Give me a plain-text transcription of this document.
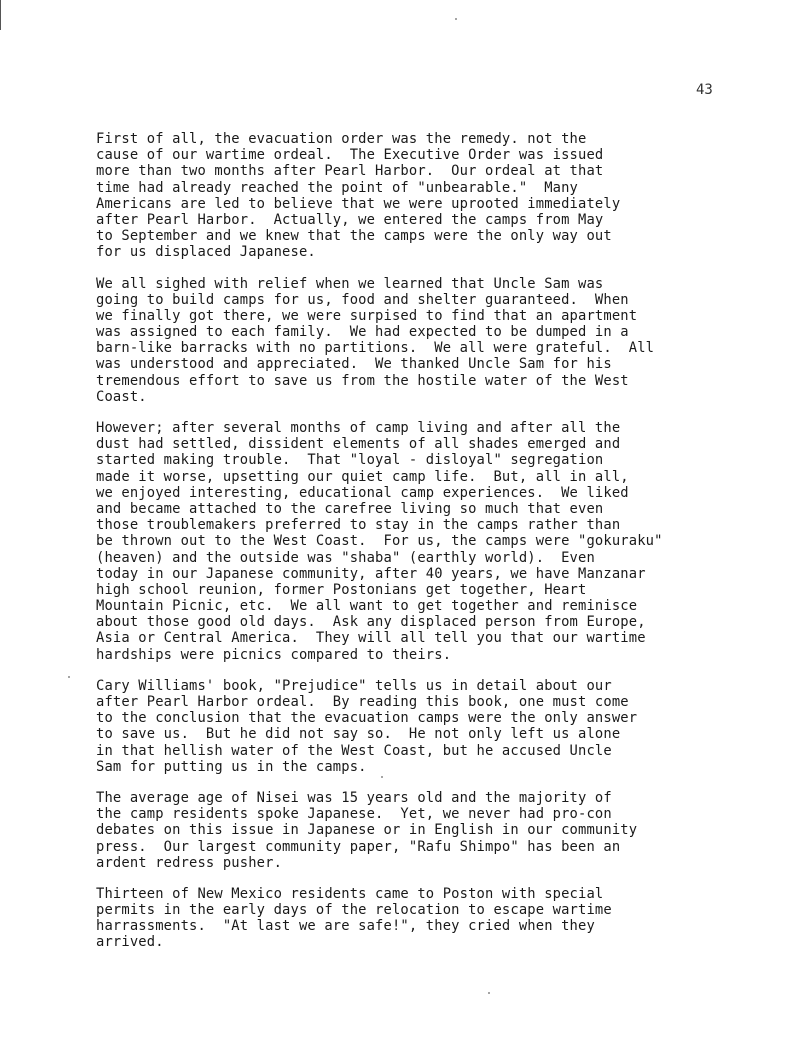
43
First of all, the evacuation order was the remedy. not the
cause of our wartime ordeal.  The Executive Order was issued
more than two months after Pearl Harbor.  Our ordeal at that
time had already reached the point of "unbearable."  Many
Americans are led to believe that we were uprooted immediately
after Pearl Harbor.  Actually, we entered the camps from May
to September and we knew that the camps were the only way out
for us displaced Japanese.
We all sighed with relief when we learned that Uncle Sam was
going to build camps for us, food and shelter guaranteed.  When
we finally got there, we were surpised to find that an apartment
was assigned to each family.  We had expected to be dumped in a
barn-like barracks with no partitions.  We all were grateful.  All
was understood and appreciated.  We thanked Uncle Sam for his
tremendous effort to save us from the hostile water of the West
Coast.
However; after several months of camp living and after all the
dust had settled, dissident elements of all shades emerged and
started making trouble.  That "loyal - disloyal" segregation
made it worse, upsetting our quiet camp life.  But, all in all,
we enjoyed interesting, educational camp experiences.  We liked
and became attached to the carefree living so much that even
those troublemakers preferred to stay in the camps rather than
be thrown out to the West Coast.  For us, the camps were "gokuraku"
(heaven) and the outside was "shaba" (earthly world).  Even
today in our Japanese community, after 40 years, we have Manzanar
high school reunion, former Postonians get together, Heart
Mountain Picnic, etc.  We all want to get together and reminisce
about those good old days.  Ask any displaced person from Europe,
Asia or Central America.  They will all tell you that our wartime
hardships were picnics compared to theirs.
Cary Williams' book, "Prejudice" tells us in detail about our
after Pearl Harbor ordeal.  By reading this book, one must come
to the conclusion that the evacuation camps were the only answer
to save us.  But he did not say so.  He not only left us alone
in that hellish water of the West Coast, but he accused Uncle
Sam for putting us in the camps.
The average age of Nisei was 15 years old and the majority of
the camp residents spoke Japanese.  Yet, we never had pro-con
debates on this issue in Japanese or in English in our community
press.  Our largest community paper, "Rafu Shimpo" has been an
ardent redress pusher.
Thirteen of New Mexico residents came to Poston with special
permits in the early days of the relocation to escape wartime
harrassments.  "At last we are safe!", they cried when they
arrived.
